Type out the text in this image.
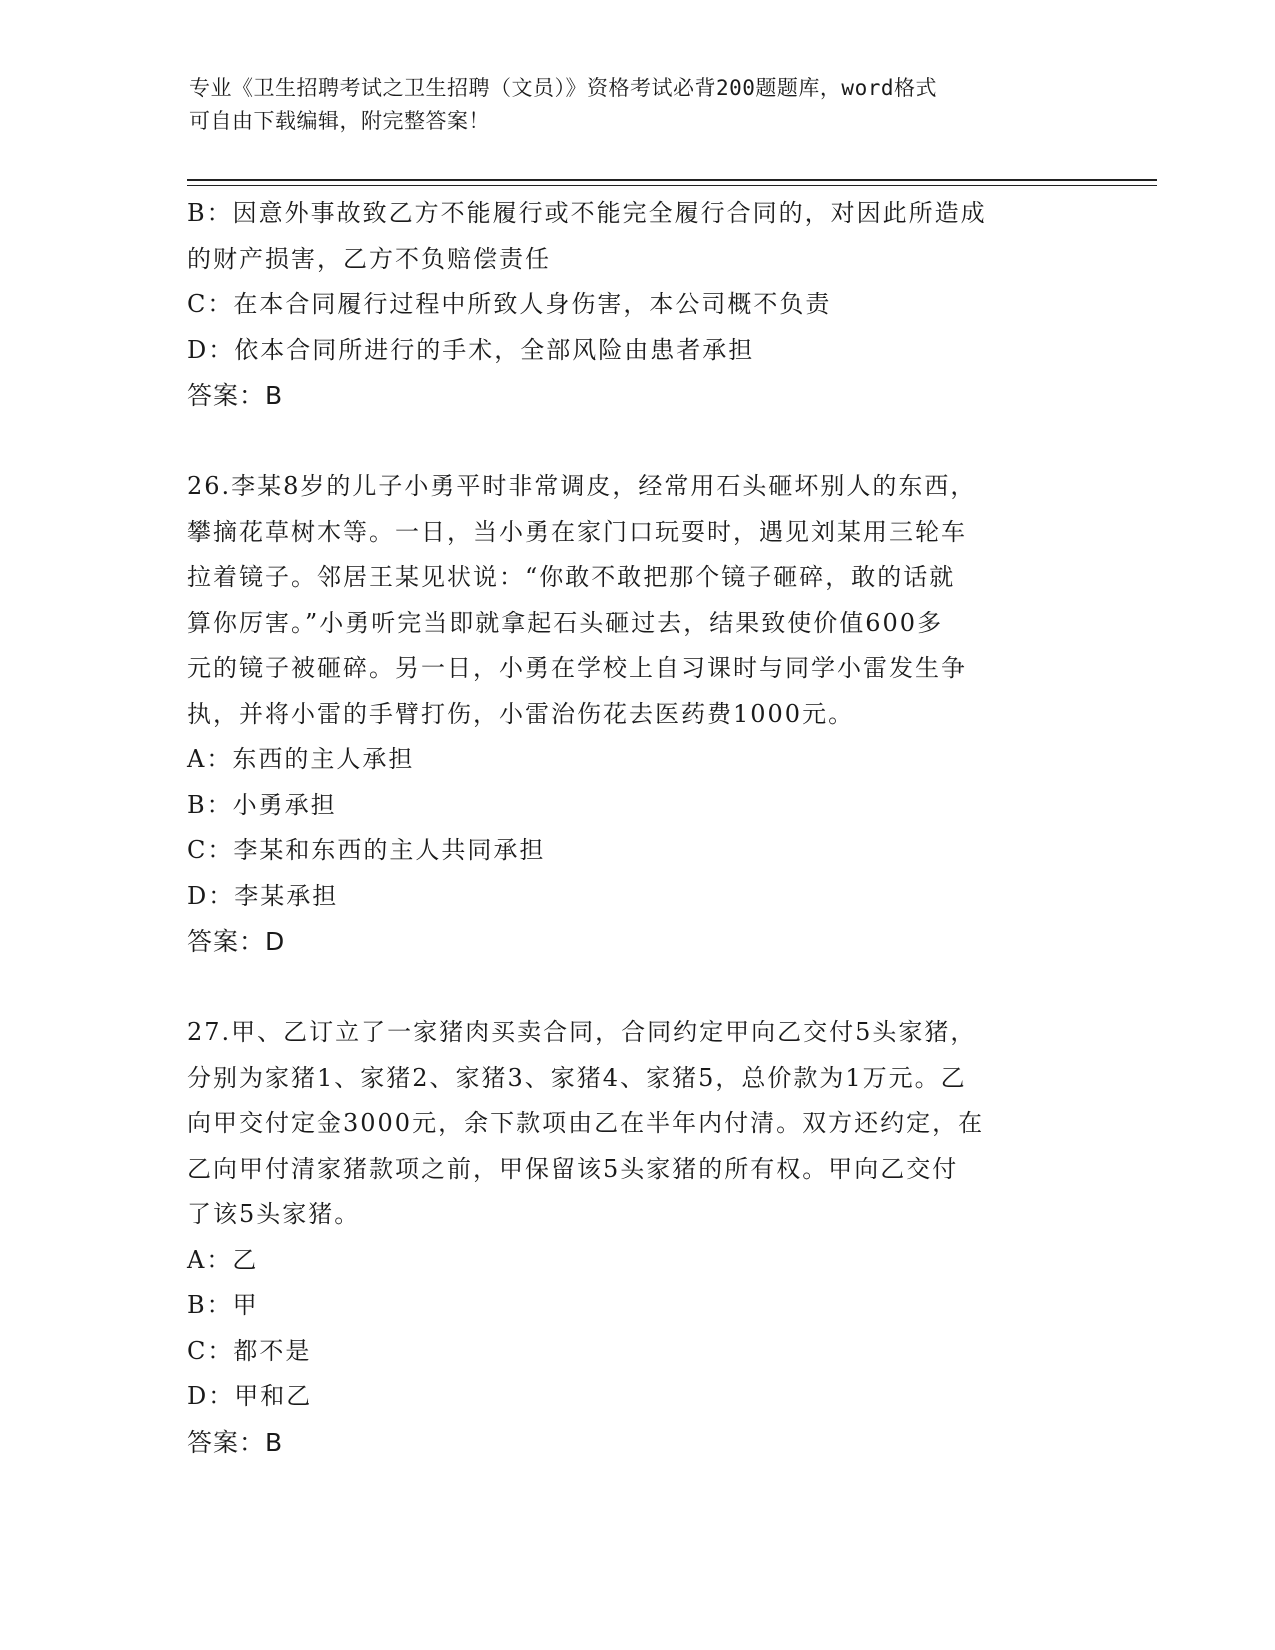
专业《卫生招聘考试之卫生招聘（文员）》资格考试必背200题题库，word格式
可自由下载编辑，附完整答案！
B：因意外事故致乙方不能履行或不能完全履行合同的，对因此所造成
的财产损害，乙方不负赔偿责任
C：在本合同履行过程中所致人身伤害，本公司概不负责
D：依本合同所进行的手术，全部风险由患者承担
答案：B
26.李某8岁的儿子小勇平时非常调皮，经常用石头砸坏别人的东西，
攀摘花草树木等。一日，当小勇在家门口玩耍时，遇见刘某用三轮车
拉着镜子。邻居王某见状说：“你敢不敢把那个镜子砸碎，敢的话就
算你厉害。”小勇听完当即就拿起石头砸过去，结果致使价值600多
元的镜子被砸碎。另一日，小勇在学校上自习课时与同学小雷发生争
执，并将小雷的手臂打伤，小雷治伤花去医药费1000元。
A：东西的主人承担
B：小勇承担
C：李某和东西的主人共同承担
D：李某承担
答案：D
27.甲、乙订立了一家猪肉买卖合同，合同约定甲向乙交付5头家猪，
分别为家猪1、家猪2、家猪3、家猪4、家猪5，总价款为1万元。乙
向甲交付定金3000元，余下款项由乙在半年内付清。双方还约定，在
乙向甲付清家猪款项之前，甲保留该5头家猪的所有权。甲向乙交付
了该5头家猪。
A：乙
B：甲
C：都不是
D：甲和乙
答案：B
